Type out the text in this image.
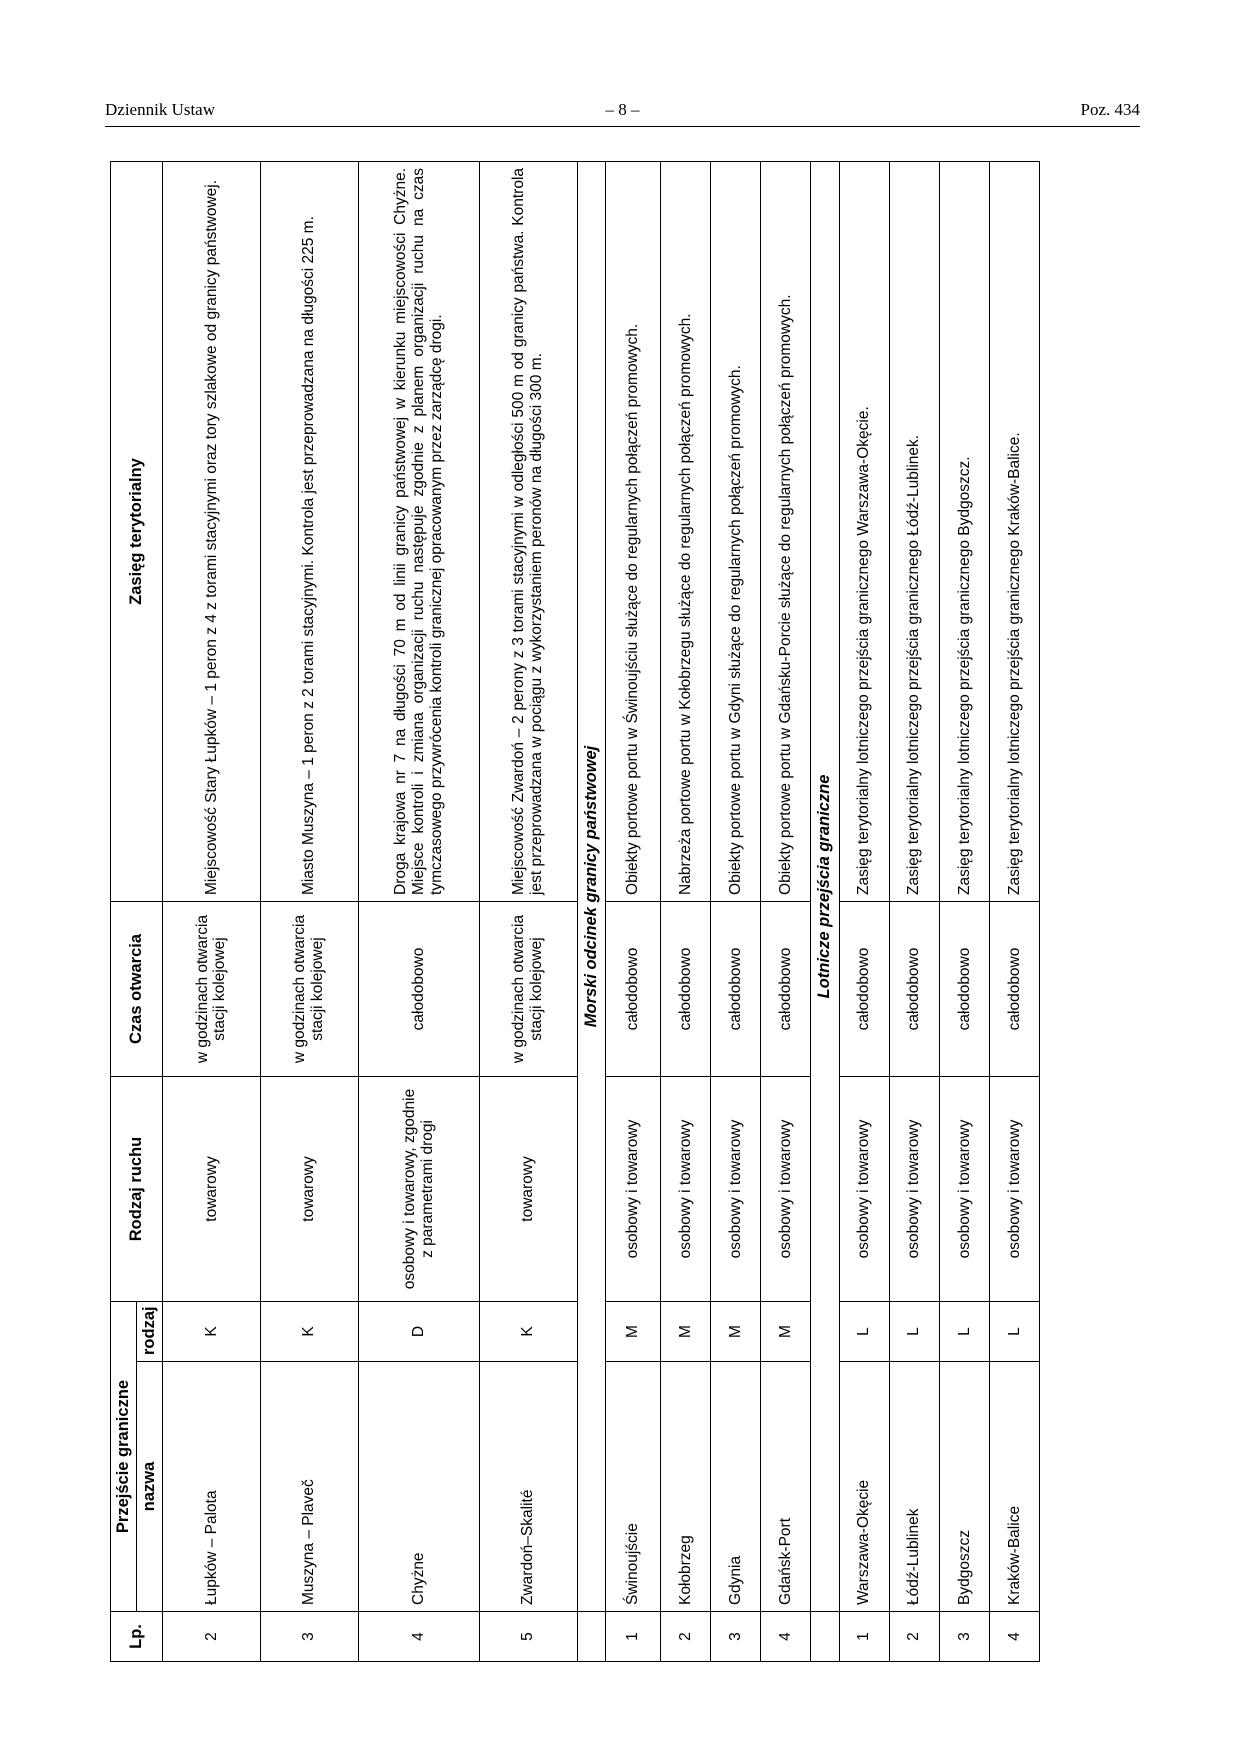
Dziennik Ustaw	– 8 –	Poz. 434
Lp.	Przejście graniczne		Rodzaj ruchu	Czas otwarcia	Zasięg terytorialny
	nazwa	rodzaj			
2	Łupków – Palota	K	towarowy	w godzinach otwarcia stacji kolejowej	Miejscowość Stary Łupków – 1 peron z 4 z torami stacyjnymi oraz tory szlakowe od granicy państwowej.
3	Muszyna – Plaveč	K	towarowy	w godzinach otwarcia stacji kolejowej	Miasto Muszyna – 1 peron z 2 torami stacyjnymi. Kontrola jest przeprowadzana na długości 225 m.
4	Chyżne	D	osobowy i towarowy, zgodnie z parametrami drogi	całodobowo	Droga krajowa nr 7 na długości 70 m od linii granicy państwowej w kierunku miejscowości Chyżne. Miejsce kontroli i zmiana organizacji ruchu następuje zgodnie z planem organizacji ruchu na czas tymczasowego przywrócenia kontroli granicznej opracowanym przez zarządcę drogi.
5	Zwardoń–Skalité	K	towarowy	w godzinach otwarcia stacji kolejowej	Miejscowość Zwardoń – 2 perony z 3 torami stacyjnymi w odległości 500 m od granicy państwa. Kontrola jest przeprowadzana w pociągu z wykorzystaniem peronów na długości 300 m.
	Morski odcinek granicy państwowej				
1	Świnoujście	M	osobowy i towarowy	całodobowo	Obiekty portowe portu w Świnoujściu służące do regularnych połączeń promowych.
2	Kołobrzeg	M	osobowy i towarowy	całodobowo	Nabrzeża portowe portu w Kołobrzegu służące do regularnych połączeń promowych.
3	Gdynia	M	osobowy i towarowy	całodobowo	Obiekty portowe portu w Gdyni służące do regularnych połączeń promowych.
4	Gdańsk-Port	M	osobowy i towarowy	całodobowo	Obiekty portowe portu w Gdańsku-Porcie służące do regularnych połączeń promowych.
	Lotnicze przejścia graniczne				
1	Warszawa-Okęcie	L	osobowy i towarowy	całodobowo	Zasięg terytorialny lotniczego przejścia granicznego Warszawa-Okęcie.
2	Łódź-Lublinek	L	osobowy i towarowy	całodobowo	Zasięg terytorialny lotniczego przejścia granicznego Łódź-Lublinek.
3	Bydgoszcz	L	osobowy i towarowy	całodobowo	Zasięg terytorialny lotniczego przejścia granicznego Bydgoszcz.
4	Kraków-Balice	L	osobowy i towarowy	całodobowo	Zasięg terytorialny lotniczego przejścia granicznego Kraków-Balice.
